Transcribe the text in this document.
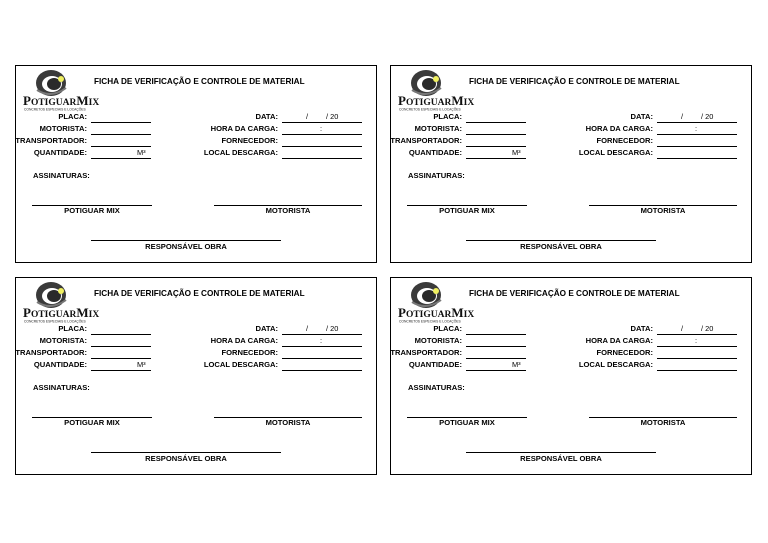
POTIGUARMIX
CONCRETOS ESPECIAIS E LOCAÇÕES
FICHA DE VERIFICAÇÃO E CONTROLE DE MATERIAL
PLACA:
MOTORISTA:
TRANSPORTADOR:
QUANTIDADE:	M³
DATA:	/ / 20
HORA DA CARGA:	:
FORNECEDOR:
LOCAL DESCARGA:
ASSINATURAS:
POTIGUAR MIX	MOTORISTA
RESPONSÁVEL OBRA
POTIGUARMIX
CONCRETOS ESPECIAIS E LOCAÇÕES
FICHA DE VERIFICAÇÃO E CONTROLE DE MATERIAL
PLACA:
MOTORISTA:
TRANSPORTADOR:
QUANTIDADE:	M³
DATA:	/ / 20
HORA DA CARGA:	:
FORNECEDOR:
LOCAL DESCARGA:
ASSINATURAS:
POTIGUAR MIX	MOTORISTA
RESPONSÁVEL OBRA
POTIGUARMIX
CONCRETOS ESPECIAIS E LOCAÇÕES
FICHA DE VERIFICAÇÃO E CONTROLE DE MATERIAL
PLACA:
MOTORISTA:
TRANSPORTADOR:
QUANTIDADE:	M³
DATA:	/ / 20
HORA DA CARGA:	:
FORNECEDOR:
LOCAL DESCARGA:
ASSINATURAS:
POTIGUAR MIX	MOTORISTA
RESPONSÁVEL OBRA
POTIGUARMIX
CONCRETOS ESPECIAIS E LOCAÇÕES
FICHA DE VERIFICAÇÃO E CONTROLE DE MATERIAL
PLACA:
MOTORISTA:
TRANSPORTADOR:
QUANTIDADE:	M³
DATA:	/ / 20
HORA DA CARGA:	:
FORNECEDOR:
LOCAL DESCARGA:
ASSINATURAS:
POTIGUAR MIX	MOTORISTA
RESPONSÁVEL OBRA
